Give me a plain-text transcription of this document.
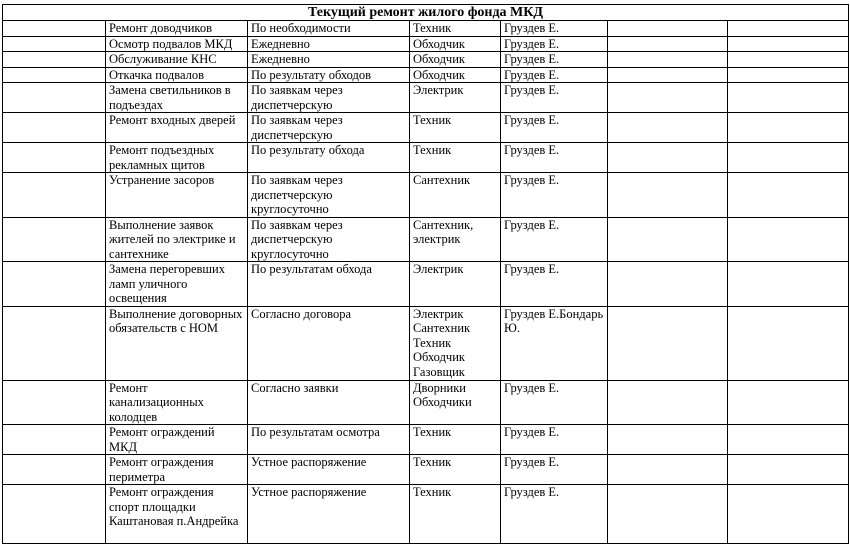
Текущий ремонт жилого фонда МКД						
	Ремонт доводчиков	По необходимости	Техник	Груздев Е.		
	Осмотр подвалов МКД	Ежедневно	Обходчик	Груздев Е.		
	Обслуживание КНС	Ежедневно	Обходчик	Груздев Е.		
	Откачка подвалов	По результату обходов	Обходчик	Груздев Е.		
	Замена светильников в подъездах	По заявкам через диспетчерскую	Электрик	Груздев Е.		
	Ремонт входных дверей	По заявкам через диспетчерскую	Техник	Груздев Е.		
	Ремонт подъездных рекламных щитов	По результату обхода	Техник	Груздев Е.		
	Устранение засоров	По заявкам через диспетчерскую круглосуточно	Сантехник	Груздев Е.		
	Выполнение заявок жителей по электрике и сантехнике	По заявкам через диспетчерскую круглосуточно	Сантехник, электрик	Груздев Е.		
	Замена перегоревших ламп уличного освещения	По результатам обхода	Электрик	Груздев Е.		
	Выполнение договорных обязательств с НОМ	Согласно договора	Электрик
Сантехник
Техник
Обходчик
Газовщик	Груздев Е.Бондарь Ю.		
	Ремонт канализационных колодцев	Согласно заявки	Дворники
Обходчики	Груздев Е.		
	Ремонт ограждений МКД	По результатам осмотра	Техник	Груздев Е.		
	Ремонт ограждения периметра	Устное распоряжение	Техник	Груздев Е.		
	Ремонт ограждения спорт площадки Каштановая п.Андрейка	Устное распоряжение	Техник	Груздев Е.		
